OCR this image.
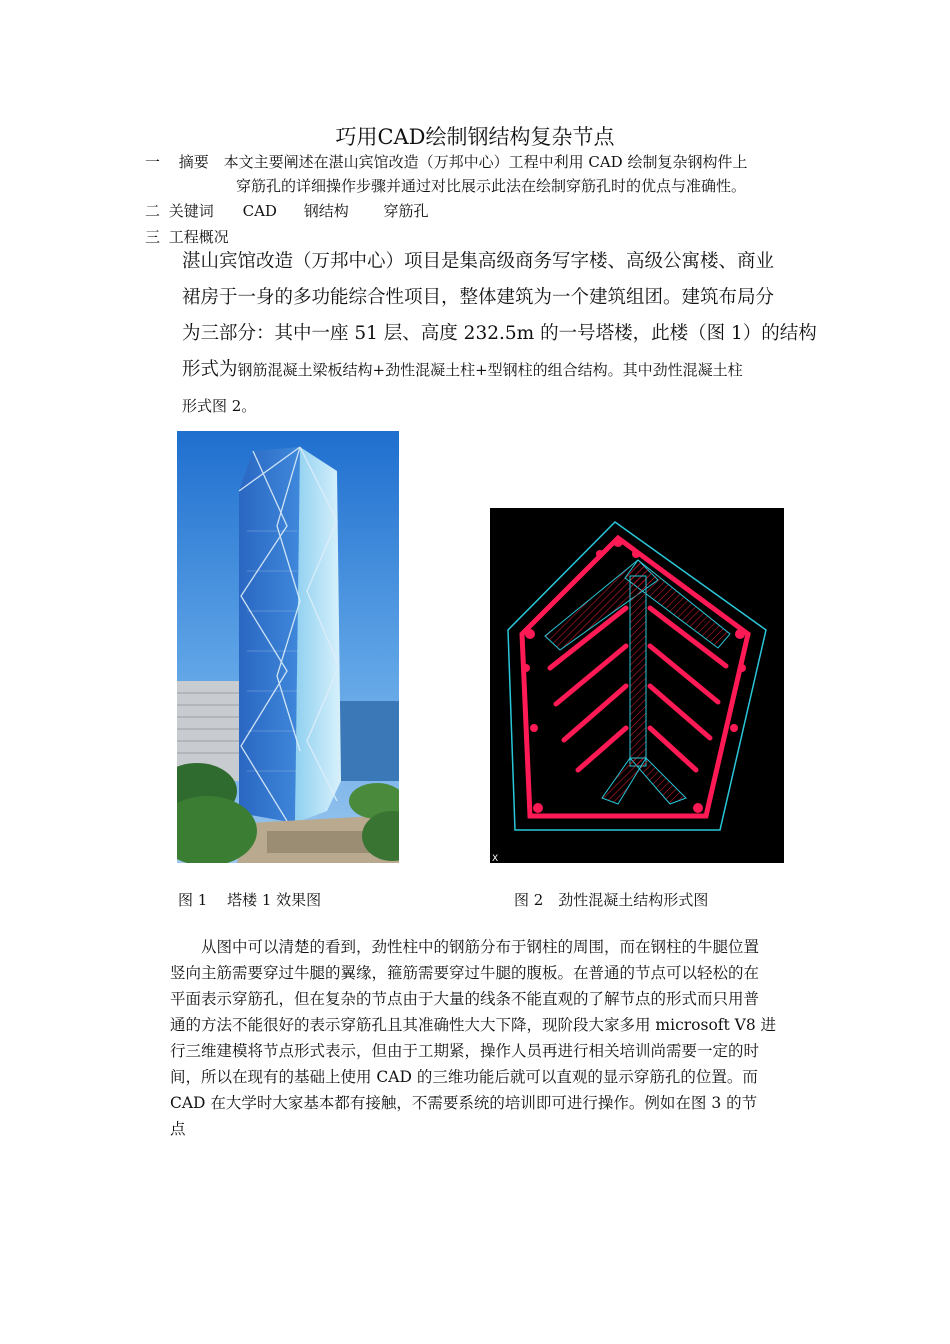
巧用CAD绘制钢结构复杂节点
一 摘要 本文主要阐述在湛山宾馆改造（万邦中心）工程中利用 CAD 绘制复杂钢构件上
穿筋孔的详细操作步骤并通过对比展示此法在绘制穿筋孔时的优点与准确性。
二 关键词 CAD 钢结构 穿筋孔
三 工程概况
湛山宾馆改造（万邦中心）项目是集高级商务写字楼、高级公寓楼、商业
裙房于一身的多功能综合性项目，整体建筑为一个建筑组团。建筑布局分
为三部分：其中一座 51 层、高度 232.5m 的一号塔楼，此楼（图 1）的结构
形式为钢筋混凝土梁板结构+劲性混凝土柱+型钢柱的组合结构。其中劲性混凝土柱
形式图 2。
X
图 1　 塔楼 1 效果图	图 2　劲性混凝土结构形式图

　　从图中可以清楚的看到，劲性柱中的钢筋分布于钢柱的周围，而在钢柱的牛腿位置

竖向主筋需要穿过牛腿的翼缘，箍筋需要穿过牛腿的腹板。在普通的节点可以轻松的在

平面表示穿筋孔，但在复杂的节点由于大量的线条不能直观的了解节点的形式而只用普

通的方法不能很好的表示穿筋孔且其准确性大大下降，现阶段大家多用 microsoft V8 进

行三维建模将节点形式表示，但由于工期紧，操作人员再进行相关培训尚需要一定的时

间，所以在现有的基础上使用 CAD 的三维功能后就可以直观的显示穿筋孔的位置。而

CAD 在大学时大家基本都有接触，不需要系统的培训即可进行操作。例如在图 3 的节

点
